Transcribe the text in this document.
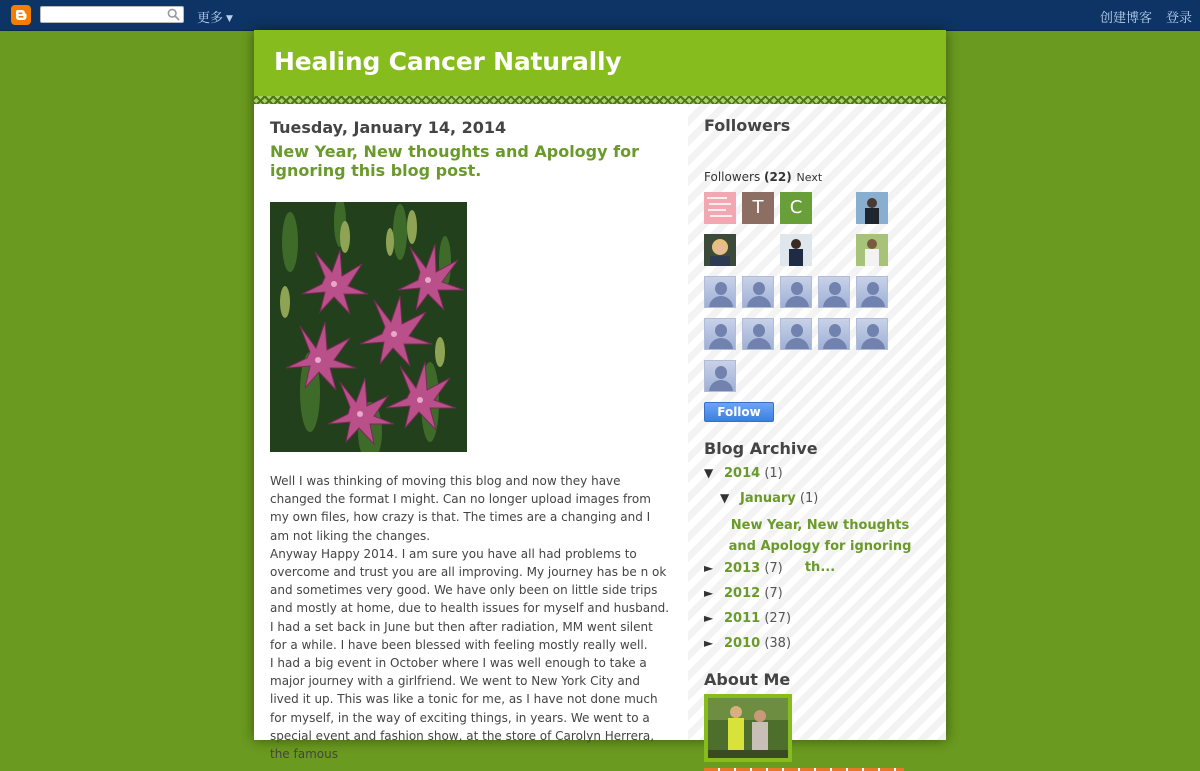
更多 ▼	创建博客 登录
Healing Cancer Naturally
Tuesday, January 14, 2014
New Year, New thoughts and Apology for ignoring this blog post.

Well I was thinking of moving this blog and now they have changed the format I might. Can no longer upload images from my own files, how crazy is that. The times are a changing and I am not liking the changes.

Anyway Happy 2014. I am sure you have all had problems to overcome and trust you are all improving. My journey has be n ok and sometimes very good. We have only been on little side trips and mostly at home, due to health issues for myself and husband.

I had a set back in June but then after radiation, MM went silent for a while. I have been blessed with feeling mostly really well.

I had a big event in October where I was well enough to take a major journey with a girlfriend. We went to New York City and lived it up. This was like a tonic for me, as I have not done much for myself, in the way of exciting things, in years. We went to a special event and fashion show, at the store of Carolyn Herrera, the famous

Followers
Followers (22) Next
T	C
Follow
Blog Archive
▼ 2014 (1)
▼ January (1)
New Year, New thoughts and Apology for ignoring th...
► 2013 (7)
► 2012 (7)
► 2011 (27)
► 2010 (38)
About Me
